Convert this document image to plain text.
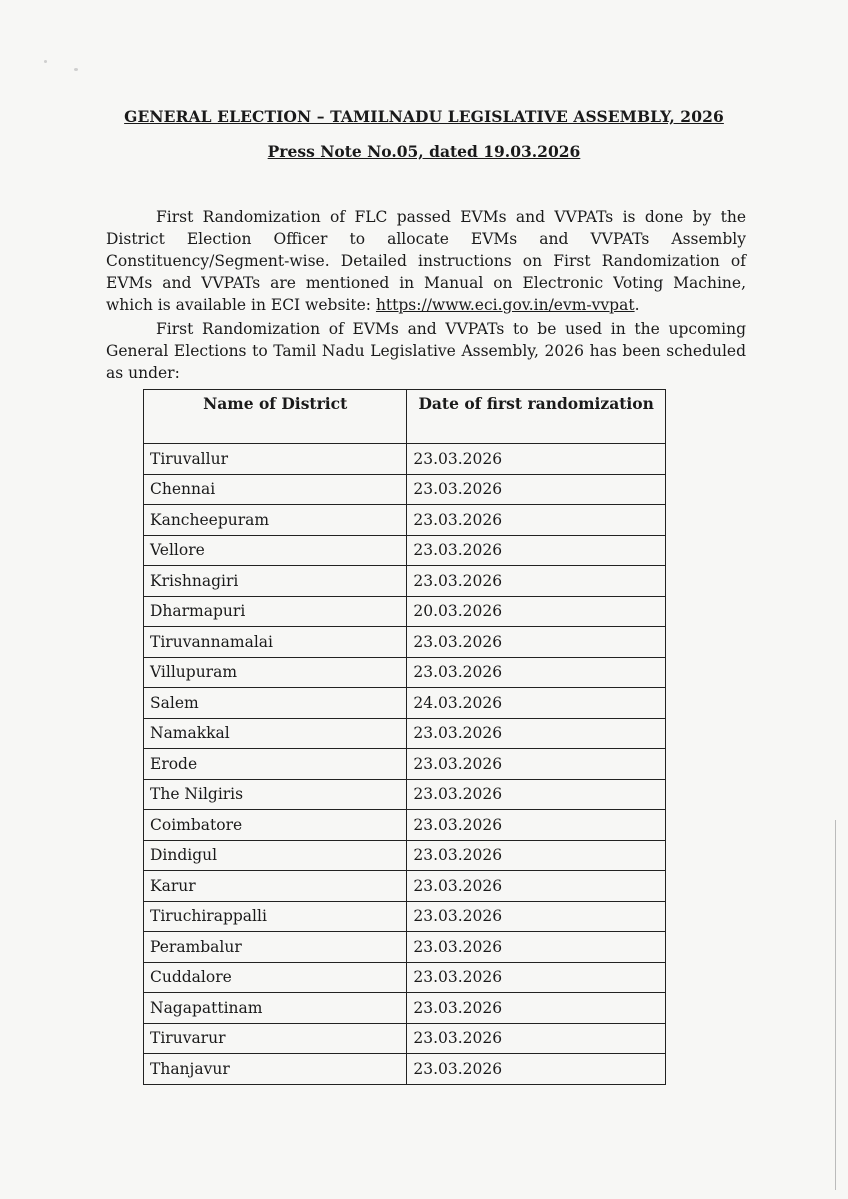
GENERAL ELECTION – TAMILNADU LEGISLATIVE ASSEMBLY, 2026
Press Note No.05, dated 19.03.2026

First Randomization of FLC passed EVMs and VVPATs is done by the District Election Officer to allocate EVMs and VVPATs Assembly Constituency/Segment-wise. Detailed instructions on First Randomization of EVMs and VVPATs are mentioned in Manual on Electronic Voting Machine, which is available in ECI website: https://www.eci.gov.in/evm-vvpat.

First Randomization of EVMs and VVPATs to be used in the upcoming General Elections to Tamil Nadu Legislative Assembly, 2026 has been scheduled as under:

Name of District	Date of first randomization
Tiruvallur	23.03.2026
Chennai	23.03.2026
Kancheepuram	23.03.2026
Vellore	23.03.2026
Krishnagiri	23.03.2026
Dharmapuri	20.03.2026
Tiruvannamalai	23.03.2026
Villupuram	23.03.2026
Salem	24.03.2026
Namakkal	23.03.2026
Erode	23.03.2026
The Nilgiris	23.03.2026
Coimbatore	23.03.2026
Dindigul	23.03.2026
Karur	23.03.2026
Tiruchirappalli	23.03.2026
Perambalur	23.03.2026
Cuddalore	23.03.2026
Nagapattinam	23.03.2026
Tiruvarur	23.03.2026
Thanjavur	23.03.2026
